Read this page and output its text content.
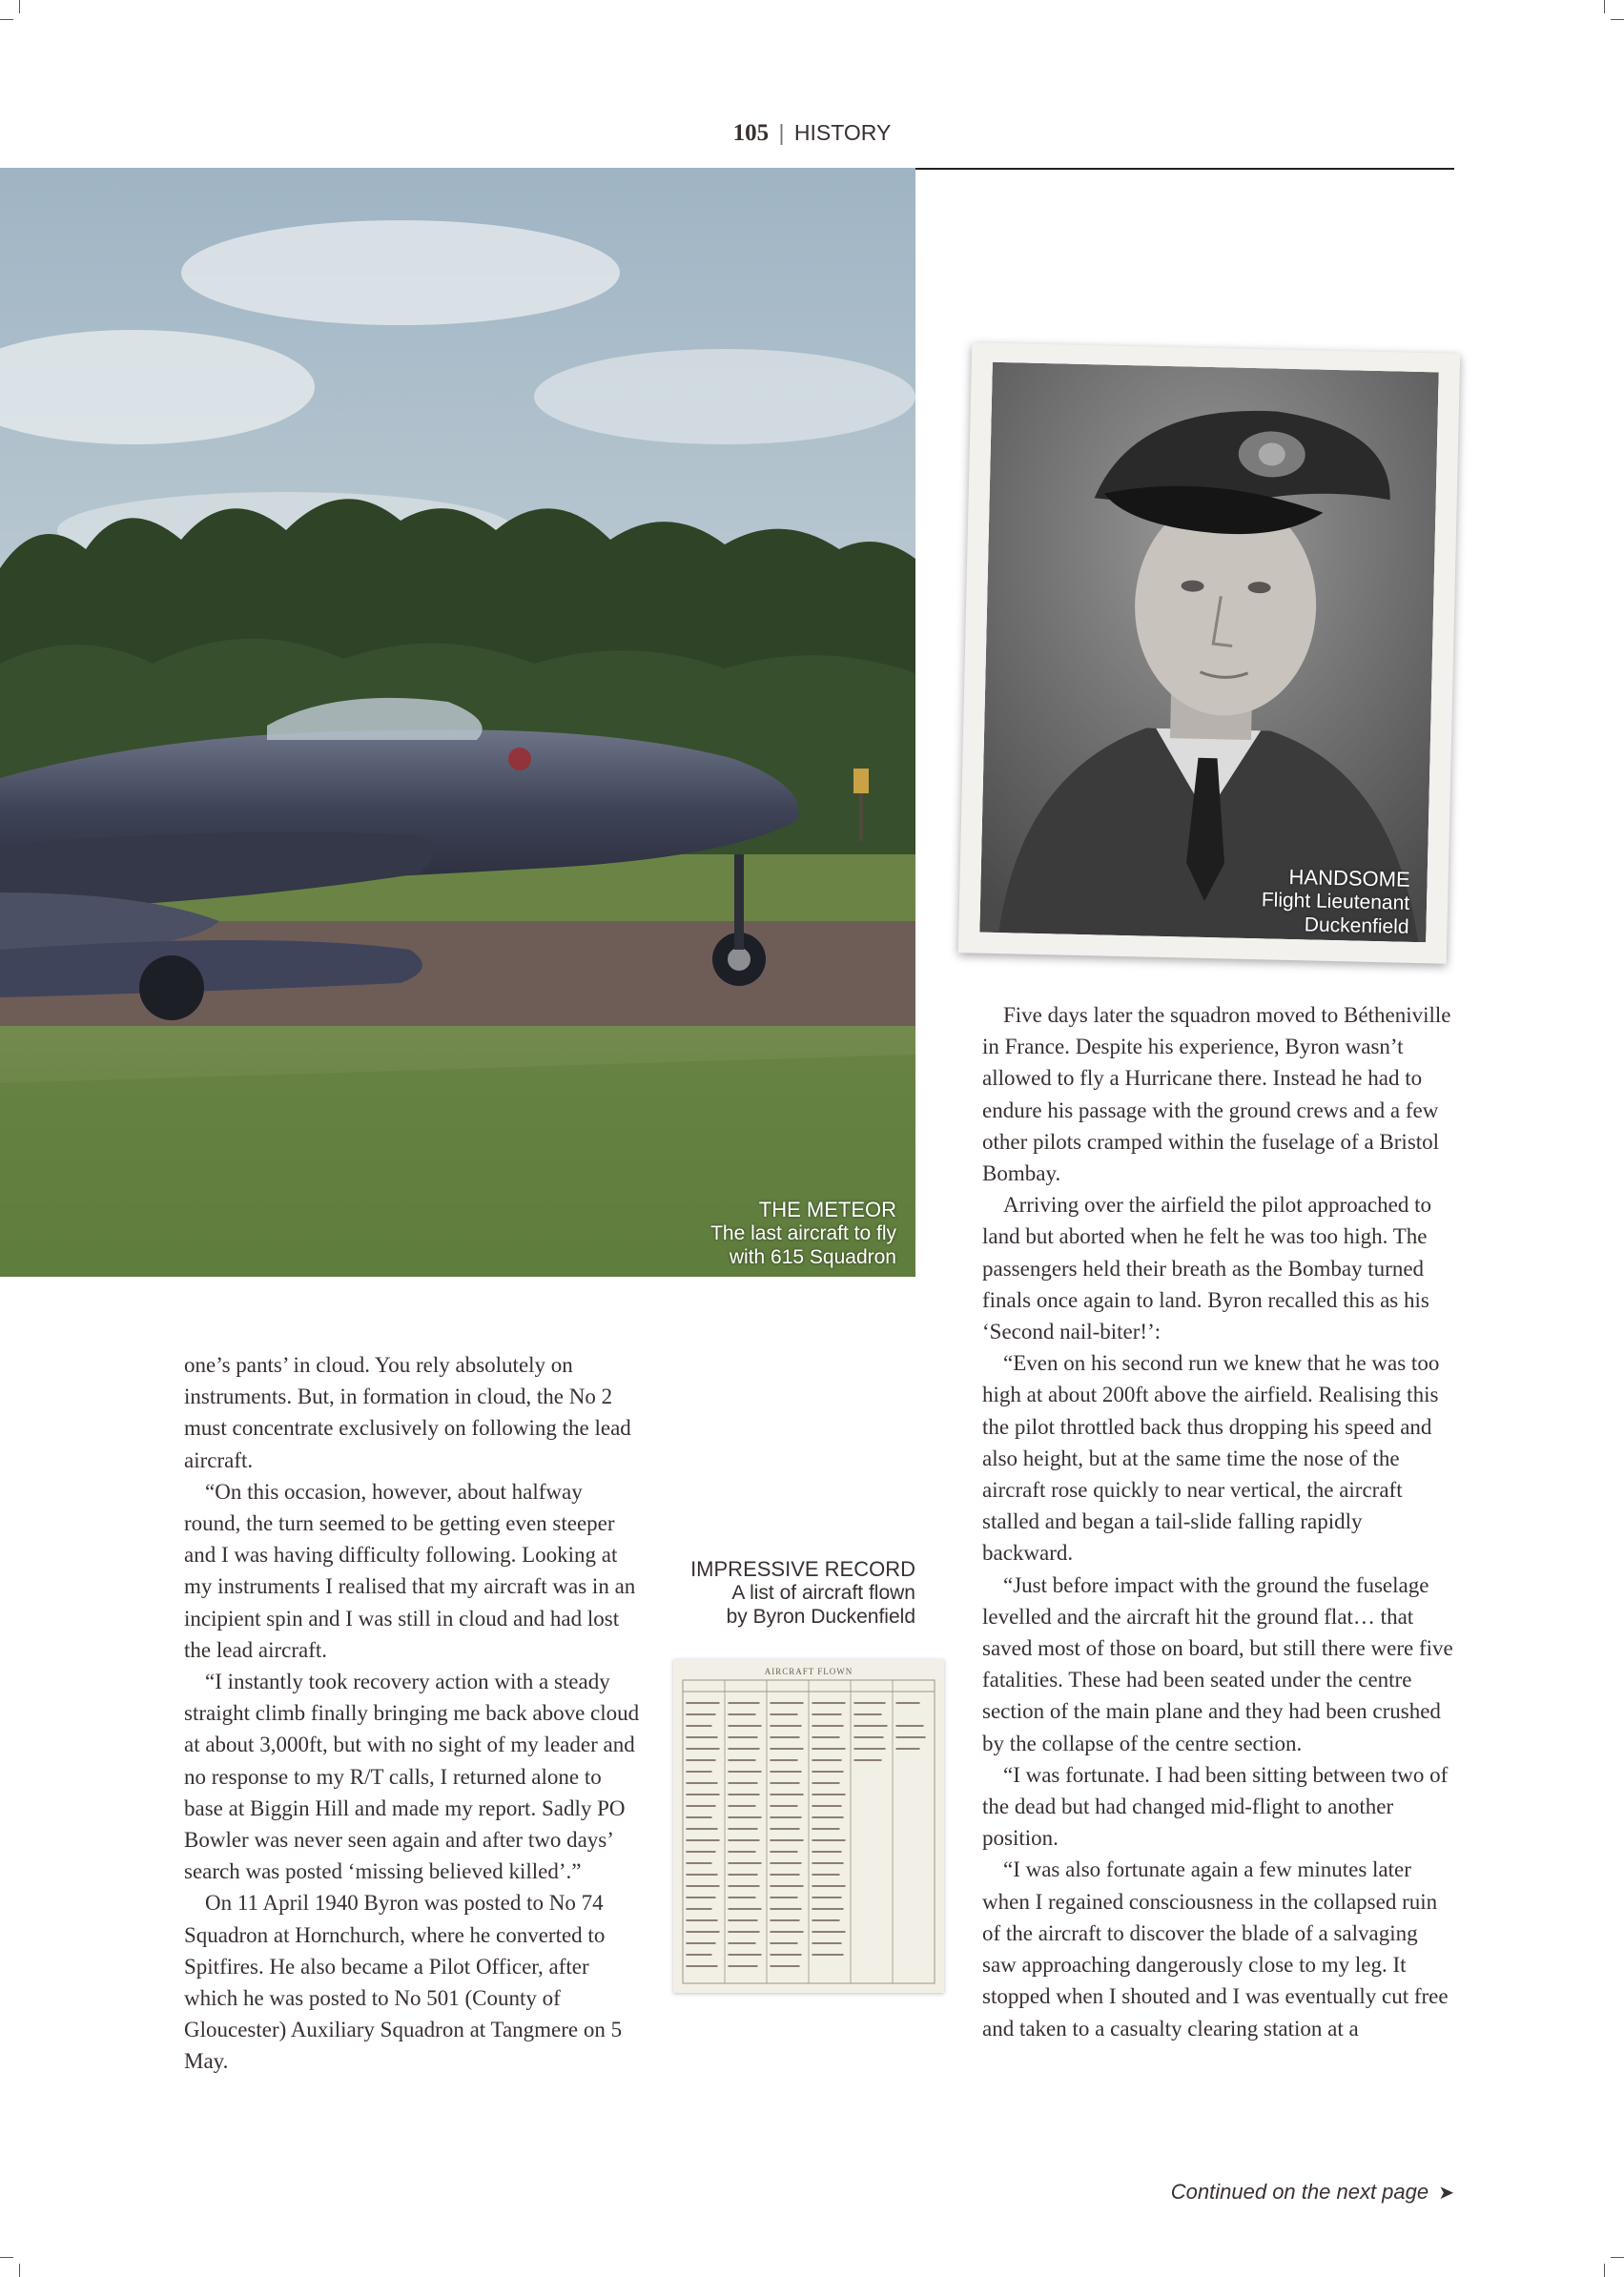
105 | HISTORY
THE METEOR
The last aircraft to fly
with 615 Squadron
HANDSOME
Flight Lieutenant
Duckenfield

one’s pants’ in cloud. You rely absolutely on instruments. But, in formation in cloud, the No 2 must concentrate exclusively on following the lead aircraft.

“On this occasion, however, about halfway round, the turn seemed to be getting even steeper and I was having difficulty following. Looking at my instruments I realised that my aircraft was in an incipient spin and I was still in cloud and had lost the lead aircraft.

“I instantly took recovery action with a steady straight climb finally bringing me back above cloud at about 3,000ft, but with no sight of my leader and no response to my R/T calls, I returned alone to base at Biggin Hill and made my report. Sadly PO Bowler was never seen again and after two days’ search was posted ‘missing believed killed’.”

On 11 April 1940 Byron was posted to No 74 Squadron at Hornchurch, where he converted to Spitfires. He also became a Pilot Officer, after which he was posted to No 501 (County of Gloucester) Auxiliary Squadron at Tangmere on 5 May.

IMPRESSIVE RECORD
A list of aircraft flown
by Byron Duckenfield
AIRCRAFT FLOWN

Five days later the squadron moved to Bétheniville in France. Despite his experience, Byron wasn’t allowed to fly a Hurricane there. Instead he had to endure his passage with the ground crews and a few other pilots cramped within the fuselage of a Bristol Bombay.

Arriving over the airfield the pilot approached to land but aborted when he felt he was too high. The passengers held their breath as the Bombay turned finals once again to land. Byron recalled this as his ‘Second nail-biter!’:

“Even on his second run we knew that he was too high at about 200ft above the airfield. Realising this the pilot throttled back thus dropping his speed and also height, but at the same time the nose of the aircraft rose quickly to near vertical, the aircraft stalled and began a tail-slide falling rapidly backward.

“Just before impact with the ground the fuselage levelled and the aircraft hit the ground flat… that saved most of those on board, but still there were five fatalities. These had been seated under the centre section of the main plane and they had been crushed by the collapse of the centre section.

“I was fortunate. I had been sitting between two of the dead but had changed mid-flight to another position.

“I was also fortunate again a few minutes later when I regained consciousness in the collapsed ruin of the aircraft to discover the blade of a salvaging saw approaching dangerously close to my leg. It stopped when I shouted and I was eventually cut free and taken to a casualty clearing station at a

Continued on the next page ➤
